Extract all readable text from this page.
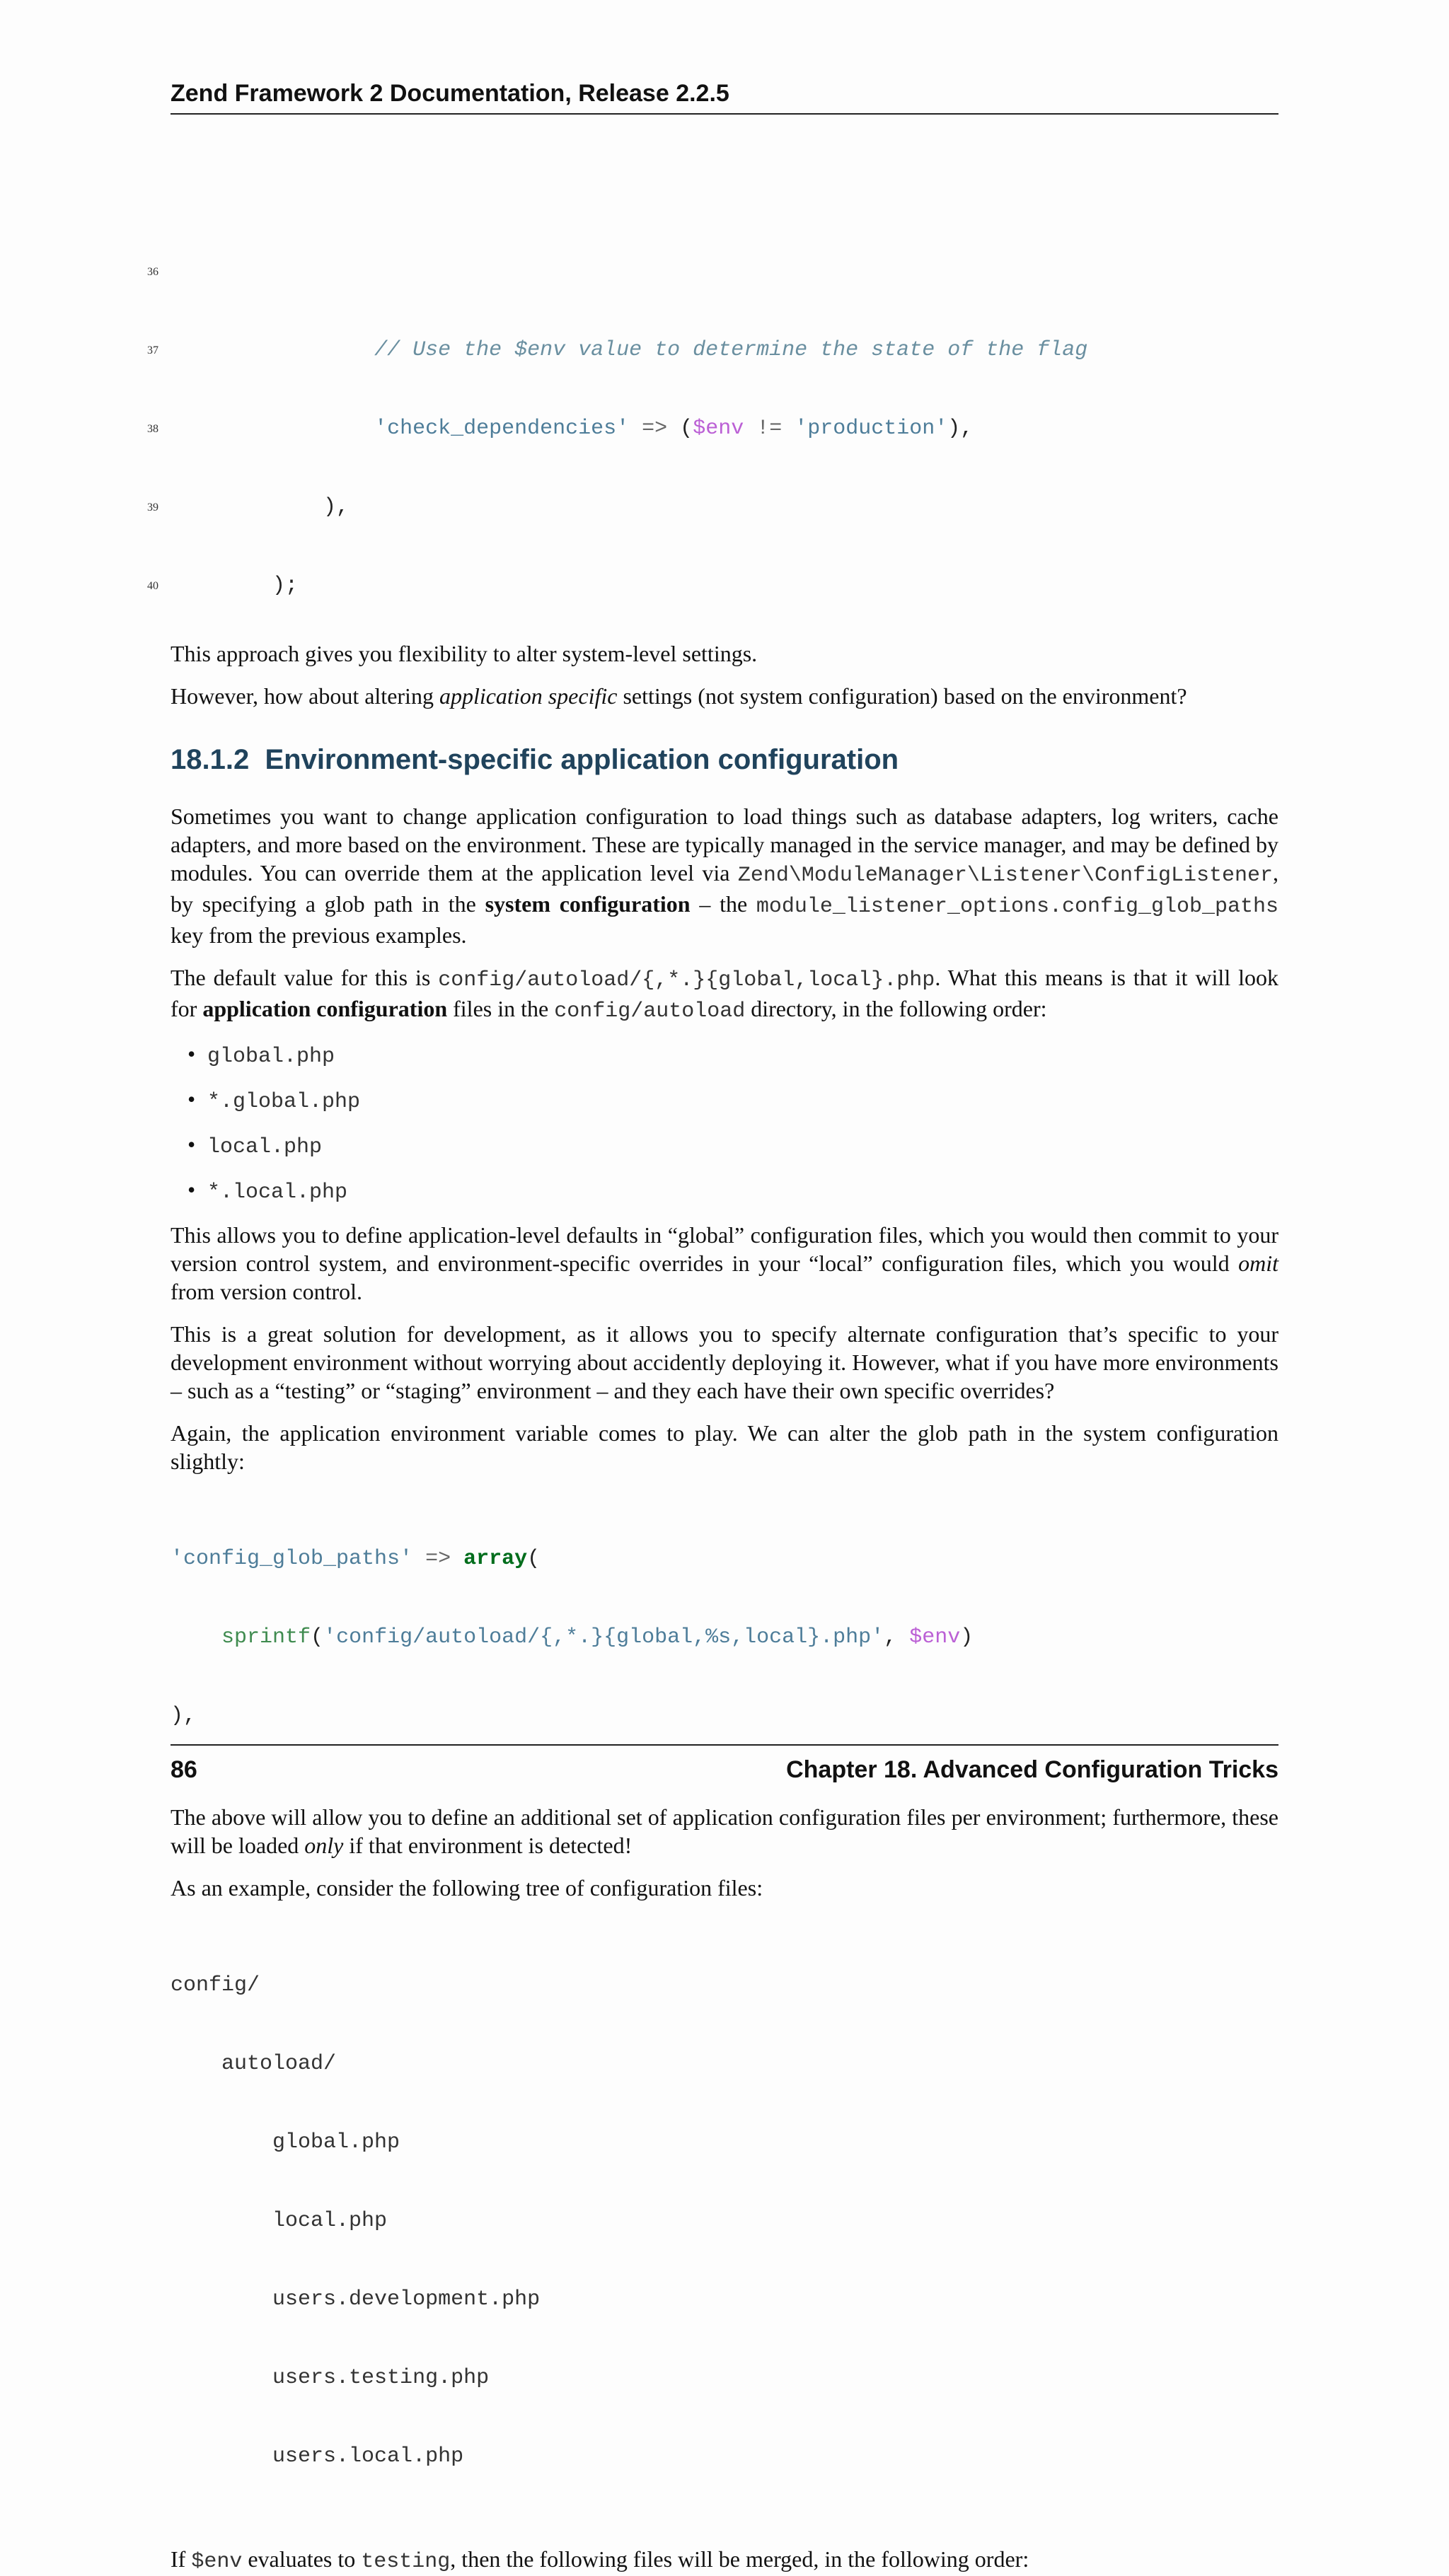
Zend Framework 2 Documentation, Release 2.2.5

36

37	// Use the $env value to determine the state of the flag

38	'check_dependencies' => ($env != 'production'),

39	),

40	);

This approach gives you flexibility to alter system-level settings.

However, how about altering application specific settings (not system configuration) based on the environment?

18.1.2 Environment-specific application configuration

Sometimes you want to change application configuration to load things such as database adapters, log writers, cache adapters, and more based on the environment. These are typically managed in the service manager, and may be defined by modules. You can override them at the application level via Zend\ModuleManager\Listener\ConfigListener, by specifying a glob path in the system configuration – the module_listener_options.config_glob_paths key from the previous examples.

The default value for this is config/autoload/{,*.}{global,local}.php. What this means is that it will look for application configuration files in the config/autoload directory, in the following order:

• global.php
• *.global.php
• local.php
• *.local.php

This allows you to define application-level defaults in “global” configuration files, which you would then commit to your version control system, and environment-specific overrides in your “local” configuration files, which you would omit from version control.

This is a great solution for development, as it allows you to specify alternate configuration that’s specific to your development environment without worrying about accidently deploying it. However, what if you have more environments – such as a “testing” or “staging” environment – and they each have their own specific overrides?

Again, the application environment variable comes to play. We can alter the glob path in the system configuration slightly:

'config_glob_paths' => array(

sprintf('config/autoload/{,*.}{global,%s,local}.php', $env)

),

The above will allow you to define an additional set of application configuration files per environment; furthermore, these will be loaded only if that environment is detected!

As an example, consider the following tree of configuration files:

config/

autoload/

global.php

local.php

users.development.php

users.testing.php

users.local.php

If $env evaluates to testing, then the following files will be merged, in the following order:

86	Chapter 18. Advanced Configuration Tricks
